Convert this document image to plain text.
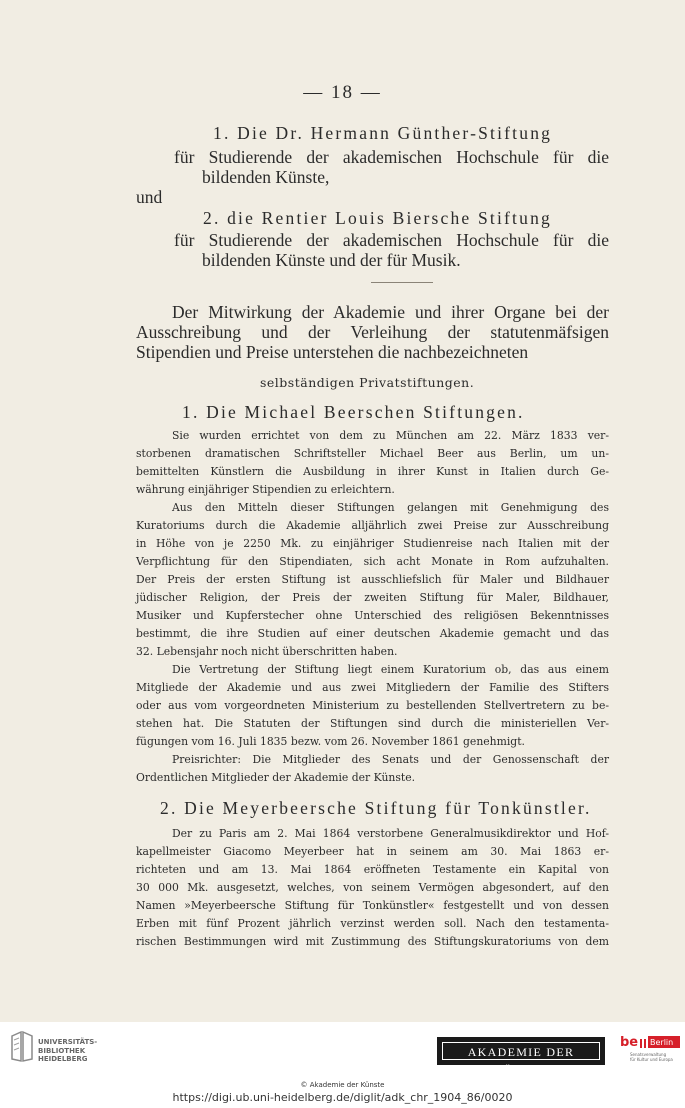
— 18 —
1. Die Dr. Hermann Günther-Stiftung
für Studierende der akademischen Hochschule für die
bildenden Künste,
und
2. die Rentier Louis Biersche Stiftung
für Studierende der akademischen Hochschule für die
bildenden Künste und der für Musik.
Der Mitwirkung der Akademie und ihrer Organe bei der
Ausschreibung und der Verleihung der statutenmäfsigen
Stipendien und Preise unterstehen die nachbezeichneten
selbständigen Privatstiftungen.
1. Die Michael Beerschen Stiftungen.
Sie wurden errichtet von dem zu München am 22. März 1833 ver-
storbenen dramatischen Schriftsteller Michael Beer aus Berlin, um un-
bemittelten Künstlern die Ausbildung in ihrer Kunst in Italien durch Ge-
währung einjähriger Stipendien zu erleichtern.
Aus den Mitteln dieser Stiftungen gelangen mit Genehmigung des
Kuratoriums durch die Akademie alljährlich zwei Preise zur Ausschreibung
in Höhe von je 2250 Mk. zu einjähriger Studienreise nach Italien mit der
Verpflichtung für den Stipendiaten, sich acht Monate in Rom aufzuhalten.
Der Preis der ersten Stiftung ist ausschliefslich für Maler und Bildhauer
jüdischer Religion, der Preis der zweiten Stiftung für Maler, Bildhauer,
Musiker und Kupferstecher ohne Unterschied des religiösen Bekenntnisses
bestimmt, die ihre Studien auf einer deutschen Akademie gemacht und das
32. Lebensjahr noch nicht überschritten haben.
Die Vertretung der Stiftung liegt einem Kuratorium ob, das aus einem
Mitgliede der Akademie und aus zwei Mitgliedern der Familie des Stifters
oder aus vom vorgeordneten Ministerium zu bestellenden Stellvertretern zu be-
stehen hat. Die Statuten der Stiftungen sind durch die ministeriellen Ver-
fügungen vom 16. Juli 1835 bezw. vom 26. November 1861 genehmigt.
Preisrichter: Die Mitglieder des Senats und der Genossenschaft der
Ordentlichen Mitglieder der Akademie der Künste.
2. Die Meyerbeersche Stiftung für Tonkünstler.
Der zu Paris am 2. Mai 1864 verstorbene Generalmusikdirektor und Hof-
kapellmeister Giacomo Meyerbeer hat in seinem am 30. Mai 1863 er-
richteten und am 13. Mai 1864 eröffneten Testamente ein Kapital von
30 000 Mk. ausgesetzt, welches, von seinem Vermögen abgesondert, auf den
Namen »Meyerbeersche Stiftung für Tonkünstler« festgestellt und von dessen
Erben mit fünf Prozent jährlich verzinst werden soll. Nach den testamenta-
rischen Bestimmungen wird mit Zustimmung des Stiftungskuratoriums von dem
UNIVERSITÄTS-
BIBLIOTHEK
HEIDELBERG	AKADEMIE DER KÜNSTE
be Berlin
Senatsverwaltung
für Kultur und Europa
© Akademie der Künste
https://digi.ub.uni-heidelberg.de/diglit/adk_chr_1904_86/0020
